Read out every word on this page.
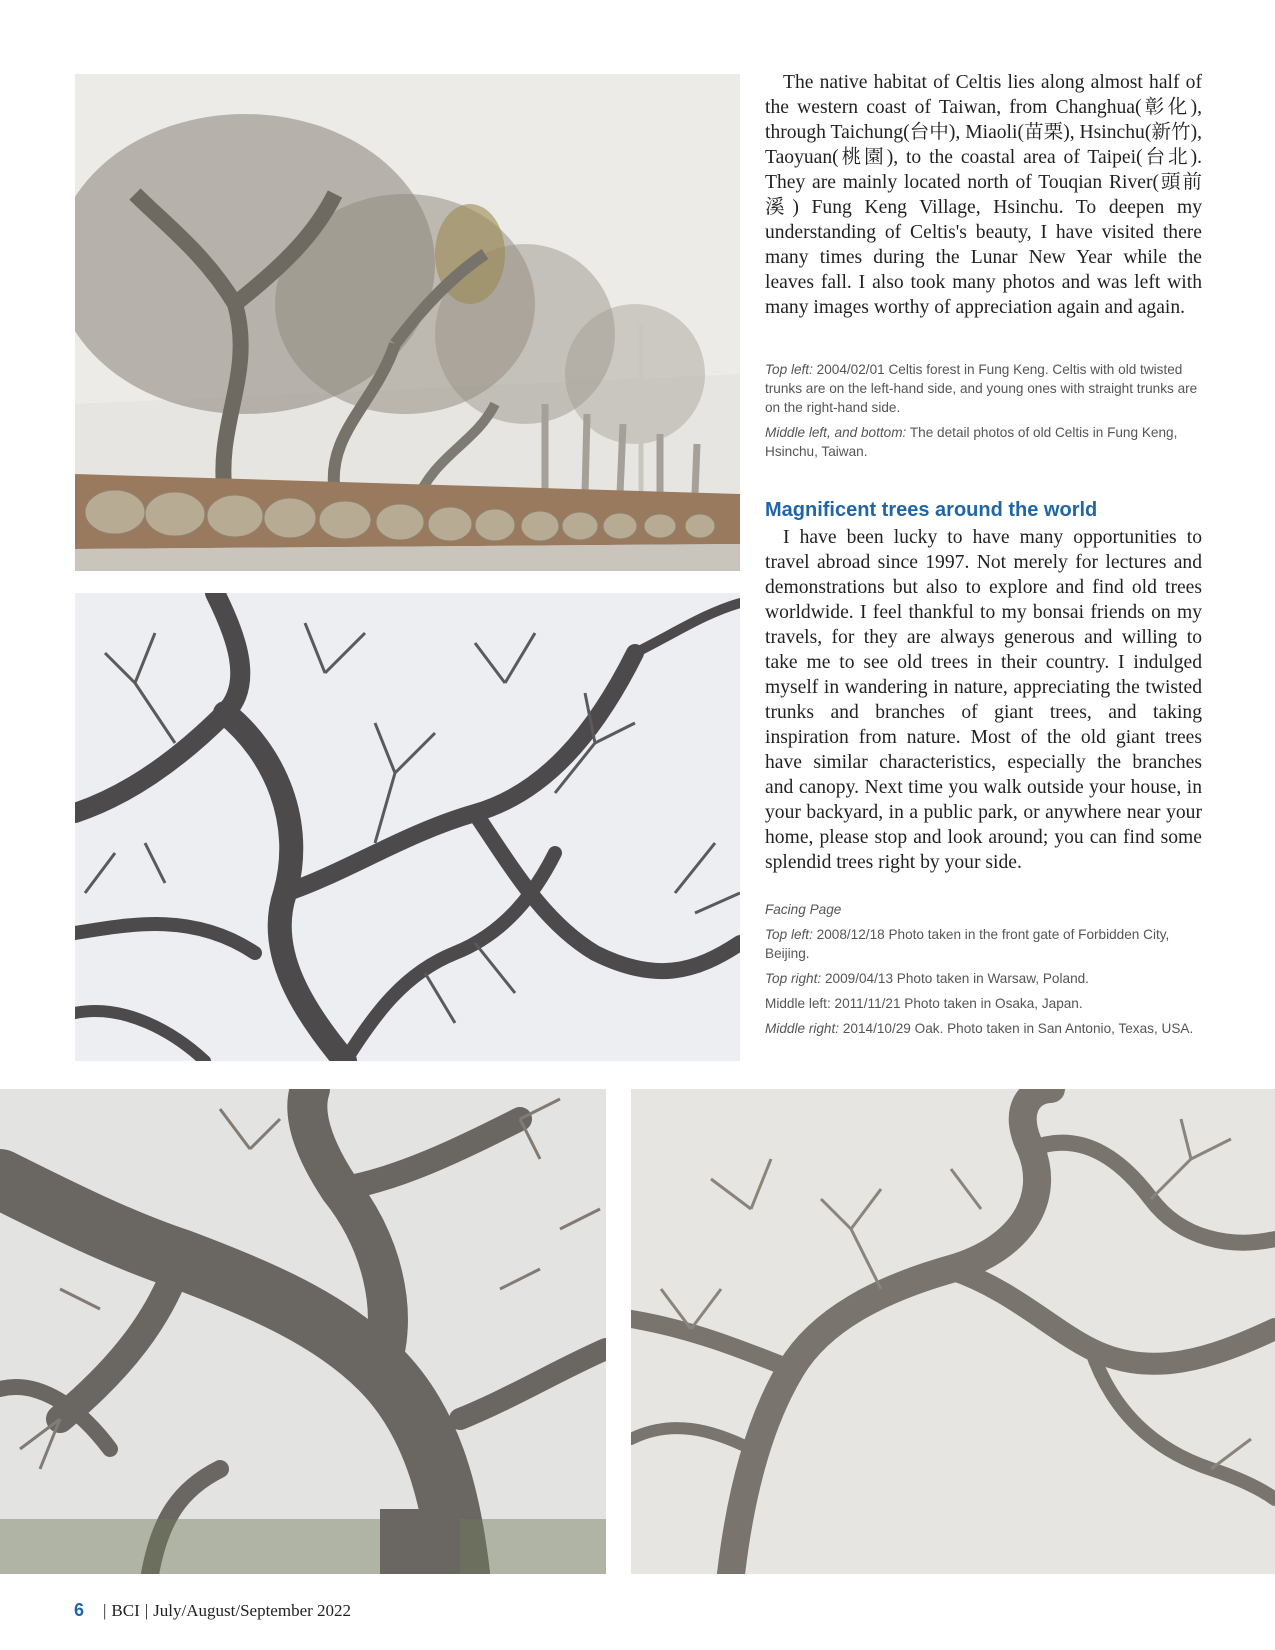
The native habitat of Celtis lies along almost half of the western coast of Taiwan, from Changhua(彰化), through Taichung(台中), Miaoli(苗栗), Hsinchu(新竹), Taoyuan(桃園), to the coastal area of Taipei(台北). They are mainly located north of Touqian River(頭前溪) Fung Keng Village, Hsinchu. To deepen my understanding of Celtis's beauty, I have visited there many times during the Lunar New Year while the leaves fall. I also took many photos and was left with many images worthy of appreciation again and again.

Top left: 2004/02/01 Celtis forest in Fung Keng. Celtis with old twisted trunks are on the left-hand side, and young ones with straight trunks are on the right-hand side.

Middle left, and bottom: The detail photos of old Celtis in Fung Keng, Hsinchu, Taiwan.

Magnificent trees around the world

I have been lucky to have many opportunities to travel abroad since 1997. Not merely for lectures and demonstrations but also to explore and find old trees worldwide. I feel thankful to my bonsai friends on my travels, for they are always generous and willing to take me to see old trees in their country. I indulged myself in wandering in nature, appreciating the twisted trunks and branches of giant trees, and taking inspiration from nature. Most of the old giant trees have similar characteristics, especially the branches and canopy. Next time you walk outside your house, in your backyard, in a public park, or anywhere near your home, please stop and look around; you can find some splendid trees right by your side.

Facing Page

Top left: 2008/12/18 Photo taken in the front gate of Forbidden City, Beijing.

Top right: 2009/04/13 Photo taken in Warsaw, Poland.

Middle left: 2011/11/21 Photo taken in Osaka, Japan.

Middle right: 2014/10/29 Oak. Photo taken in San Antonio, Texas, USA.

6 | BCI | July/August/September 2022
